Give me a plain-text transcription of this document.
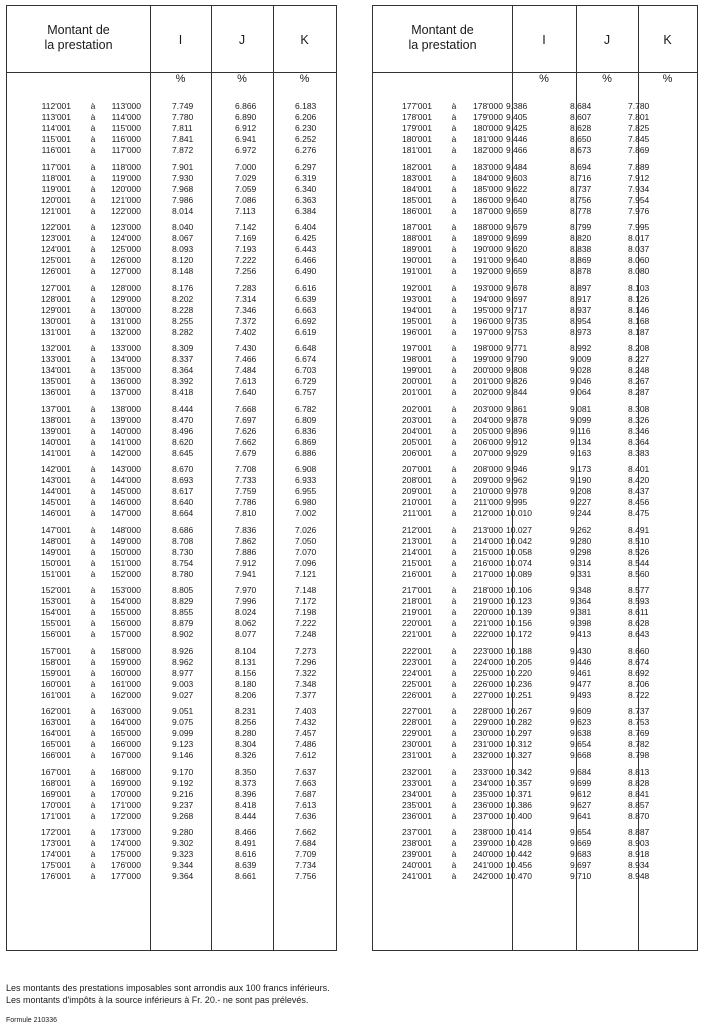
Montant de
la prestation	I	J	K
%	%	%
112'001	à	113'000	7.749	6.866	6.183
113'001	à	114'000	7.780	6.890	6.206
114'001	à	115'000	7.811	6.912	6.230
115'001	à	116'000	7.841	6.941	6.252
116'001	à	117'000	7.872	6.972	6.276
117'001	à	118'000	7.901	7.000	6.297
118'001	à	119'000	7.930	7.029	6.319
119'001	à	120'000	7.968	7.059	6.340
120'001	à	121'000	7.986	7.086	6.363
121'001	à	122'000	8.014	7.113	6.384
122'001	à	123'000	8.040	7.142	6.404
123'001	à	124'000	8.067	7.169	6.425
124'001	à	125'000	8.093	7.193	6.443
125'001	à	126'000	8.120	7.222	6.466
126'001	à	127'000	8.148	7.256	6.490
127'001	à	128'000	8.176	7.283	6.616
128'001	à	129'000	8.202	7.314	6.639
129'001	à	130'000	8.228	7.346	6.663
130'001	à	131'000	8.255	7.372	6.692
131'001	à	132'000	8.282	7.402	6.619
132'001	à	133'000	8.309	7.430	6.648
133'001	à	134'000	8.337	7.466	6.674
134'001	à	135'000	8.364	7.484	6.703
135'001	à	136'000	8.392	7.613	6.729
136'001	à	137'000	8.418	7.640	6.757
137'001	à	138'000	8.444	7.668	6.782
138'001	à	139'000	8.470	7.697	6.809
139'001	à	140'000	8.496	7.626	6.836
140'001	à	141'000	8.620	7.662	6.869
141'001	à	142'000	8.645	7.679	6.886
142'001	à	143'000	8.670	7.708	6.908
143'001	à	144'000	8.693	7.733	6.933
144'001	à	145'000	8.617	7.759	6.955
145'001	à	146'000	8.640	7.786	6.980
146'001	à	147'000	8.664	7.810	7.002
147'001	à	148'000	8.686	7.836	7.026
148'001	à	149'000	8.708	7.862	7.050
149'001	à	150'000	8.730	7.886	7.070
150'001	à	151'000	8.754	7.912	7.096
151'001	à	152'000	8.780	7.941	7.121
152'001	à	153'000	8.805	7.970	7.148
153'001	à	154'000	8.829	7.996	7.172
154'001	à	155'000	8.855	8.024	7.198
155'001	à	156'000	8.879	8.062	7.222
156'001	à	157'000	8.902	8.077	7.248
157'001	à	158'000	8.926	8.104	7.273
158'001	à	159'000	8.962	8.131	7.296
159'001	à	160'000	8.977	8.156	7.322
160'001	à	161'000	9.003	8.180	7.348
161'001	à	162'000	9.027	8.206	7.377
162'001	à	163'000	9.051	8.231	7.403
163'001	à	164'000	9.075	8.256	7.432
164'001	à	165'000	9.099	8.280	7.457
165'001	à	166'000	9.123	8.304	7.486
166'001	à	167'000	9.146	8.326	7.612
167'001	à	168'000	9.170	8.350	7.637
168'001	à	169'000	9.192	8.373	7.663
169'001	à	170'000	9.216	8.396	7.687
170'001	à	171'000	9.237	8.418	7.613
171'001	à	172'000	9.268	8.444	7.636
172'001	à	173'000	9.280	8.466	7.662
173'001	à	174'000	9.302	8.491	7.684
174'001	à	175'000	9.323	8.616	7.709
175'001	à	176'000	9.344	8.639	7.734
176'001	à	177'000	9.364	8.661	7.756
Montant de
la prestation	I	J	K
%	%	%
177'001	à	178'000 9.386	8.684	7.780
178'001	à	179'000 9.405	8.607	7.801
179'001	à	180'000 9.425	8.628	7.825
180'001	à	181'000 9.446	8.650	7.845
181'001	à	182'000 9.466	8.673	7.869
182'001	à	183'000 9.484	8.694	7.889
183'001	à	184'000 9.603	8.716	7.912
184'001	à	185'000 9.622	8.737	7.934
185'001	à	186'000 9.640	8.756	7.954
186'001	à	187'000 9.659	8.778	7.976
187'001	à	188'000 9.679	8.799	7.995
188'001	à	189'000 9.699	8.820	8.017
189'001	à	190'000 9.620	8.838	8.037
190'001	à	191'000 9.640	8.869	8.060
191'001	à	192'000 9.659	8.878	8.080
192'001	à	193'000 9.678	8.897	8.103
193'001	à	194'000 9.697	8.917	8.126
194'001	à	195'000 9.717	8.937	8.146
195'001	à	196'000 9.735	8.954	8.168
196'001	à	197'000 9.753	8.973	8.187
197'001	à	198'000 9.771	8.992	8.208
198'001	à	199'000 9.790	9.009	8.227
199'001	à	200'000 9.808	9.028	8.248
200'001	à	201'000 9.826	9.046	8.267
201'001	à	202'000 9.844	9.064	8.287
202'001	à	203'000 9.861	9.081	8.308
203'001	à	204'000 9.878	9.099	8.326
204'001	à	205'000 9.896	9.116	8.346
205'001	à	206'000 9.912	9.134	8.364
206'001	à	207'000 9.929	9.163	8.383
207'001	à	208'000 9.946	9.173	8.401
208'001	à	209'000 9.962	9.190	8.420
209'001	à	210'000 9.978	9.208	8.437
210'001	à	211'000 9.995	9.227	8.456
211'001	à	212'000 10.010	9.244	8.475
212'001	à	213'000 10.027	9.262	8.491
213'001	à	214'000 10.042	9.280	8.510
214'001	à	215'000 10.058	9.298	8.526
215'001	à	216'000 10.074	9.314	8.544
216'001	à	217'000 10.089	9.331	8.560
217'001	à	218'000 10.106	9.348	8.577
218'001	à	219'000 10.123	9.364	8.593
219'001	à	220'000 10.139	9.381	8.611
220'001	à	221'000 10.156	9.398	8.628
221'001	à	222'000 10.172	9.413	8.643
222'001	à	223'000 10.188	9.430	8.660
223'001	à	224'000 10.205	9.446	8.674
224'001	à	225'000 10.220	9.461	8.692
225'001	à	226'000 10.236	9.477	8.706
226'001	à	227'000 10.251	9.493	8.722
227'001	à	228'000 10.267	9.609	8.737
228'001	à	229'000 10.282	9.623	8.753
229'001	à	230'000 10.297	9.638	8.769
230'001	à	231'000 10.312	9.654	8.782
231'001	à	232'000 10.327	9.668	8.798
232'001	à	233'000 10.342	9.684	8.813
233'001	à	234'000 10.357	9.699	8.828
234'001	à	235'000 10.371	9.612	8.841
235'001	à	236'000 10.386	9.627	8.857
236'001	à	237'000 10.400	9.641	8.870
237'001	à	238'000 10.414	9.654	8.887
238'001	à	239'000 10.428	9.669	8.903
239'001	à	240'000 10.442	9.683	8.918
240'001	à	241'000 10.456	9.697	8.934
241'001	à	242'000 10.470	9.710	8.948
Les montants des prestations imposables sont arrondis aux 100 francs inférieurs.
Les montants d'impôts à la source inférieurs à Fr. 20.- ne sont pas prélevés.
Formule 210336
